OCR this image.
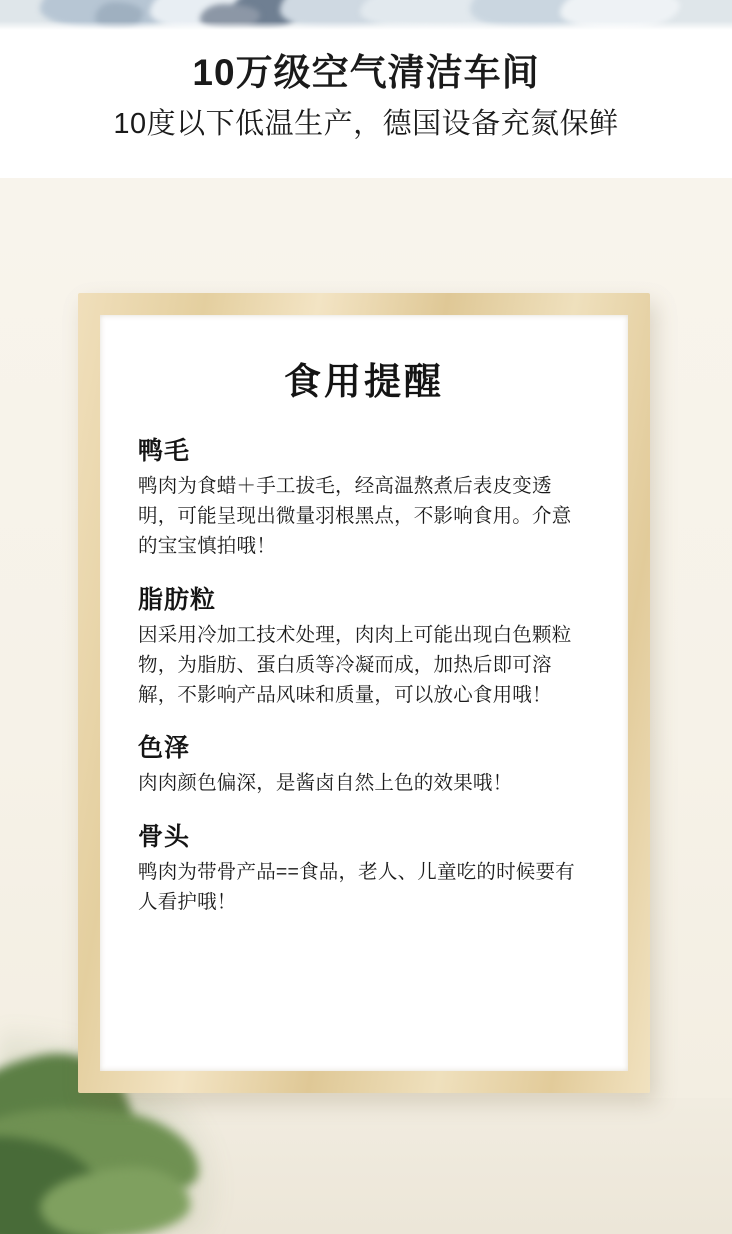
10万级空气清洁车间
10度以下低温生产，德国设备充氮保鲜
食用提醒
鸭毛

鸭肉为食蜡＋手工拔毛，经高温熬煮后表皮变透明，可能呈现出微量羽根黑点，不影响食用。介意的宝宝慎拍哦！

脂肪粒

因采用冷加工技术处理，肉肉上可能出现白色颗粒物，为脂肪、蛋白质等冷凝而成，加热后即可溶解，不影响产品风味和质量，可以放心食用哦！

色泽

肉肉颜色偏深，是酱卤自然上色的效果哦！

骨头

鸭肉为带骨产品==食品，老人、儿童吃的时候要有人看护哦！
